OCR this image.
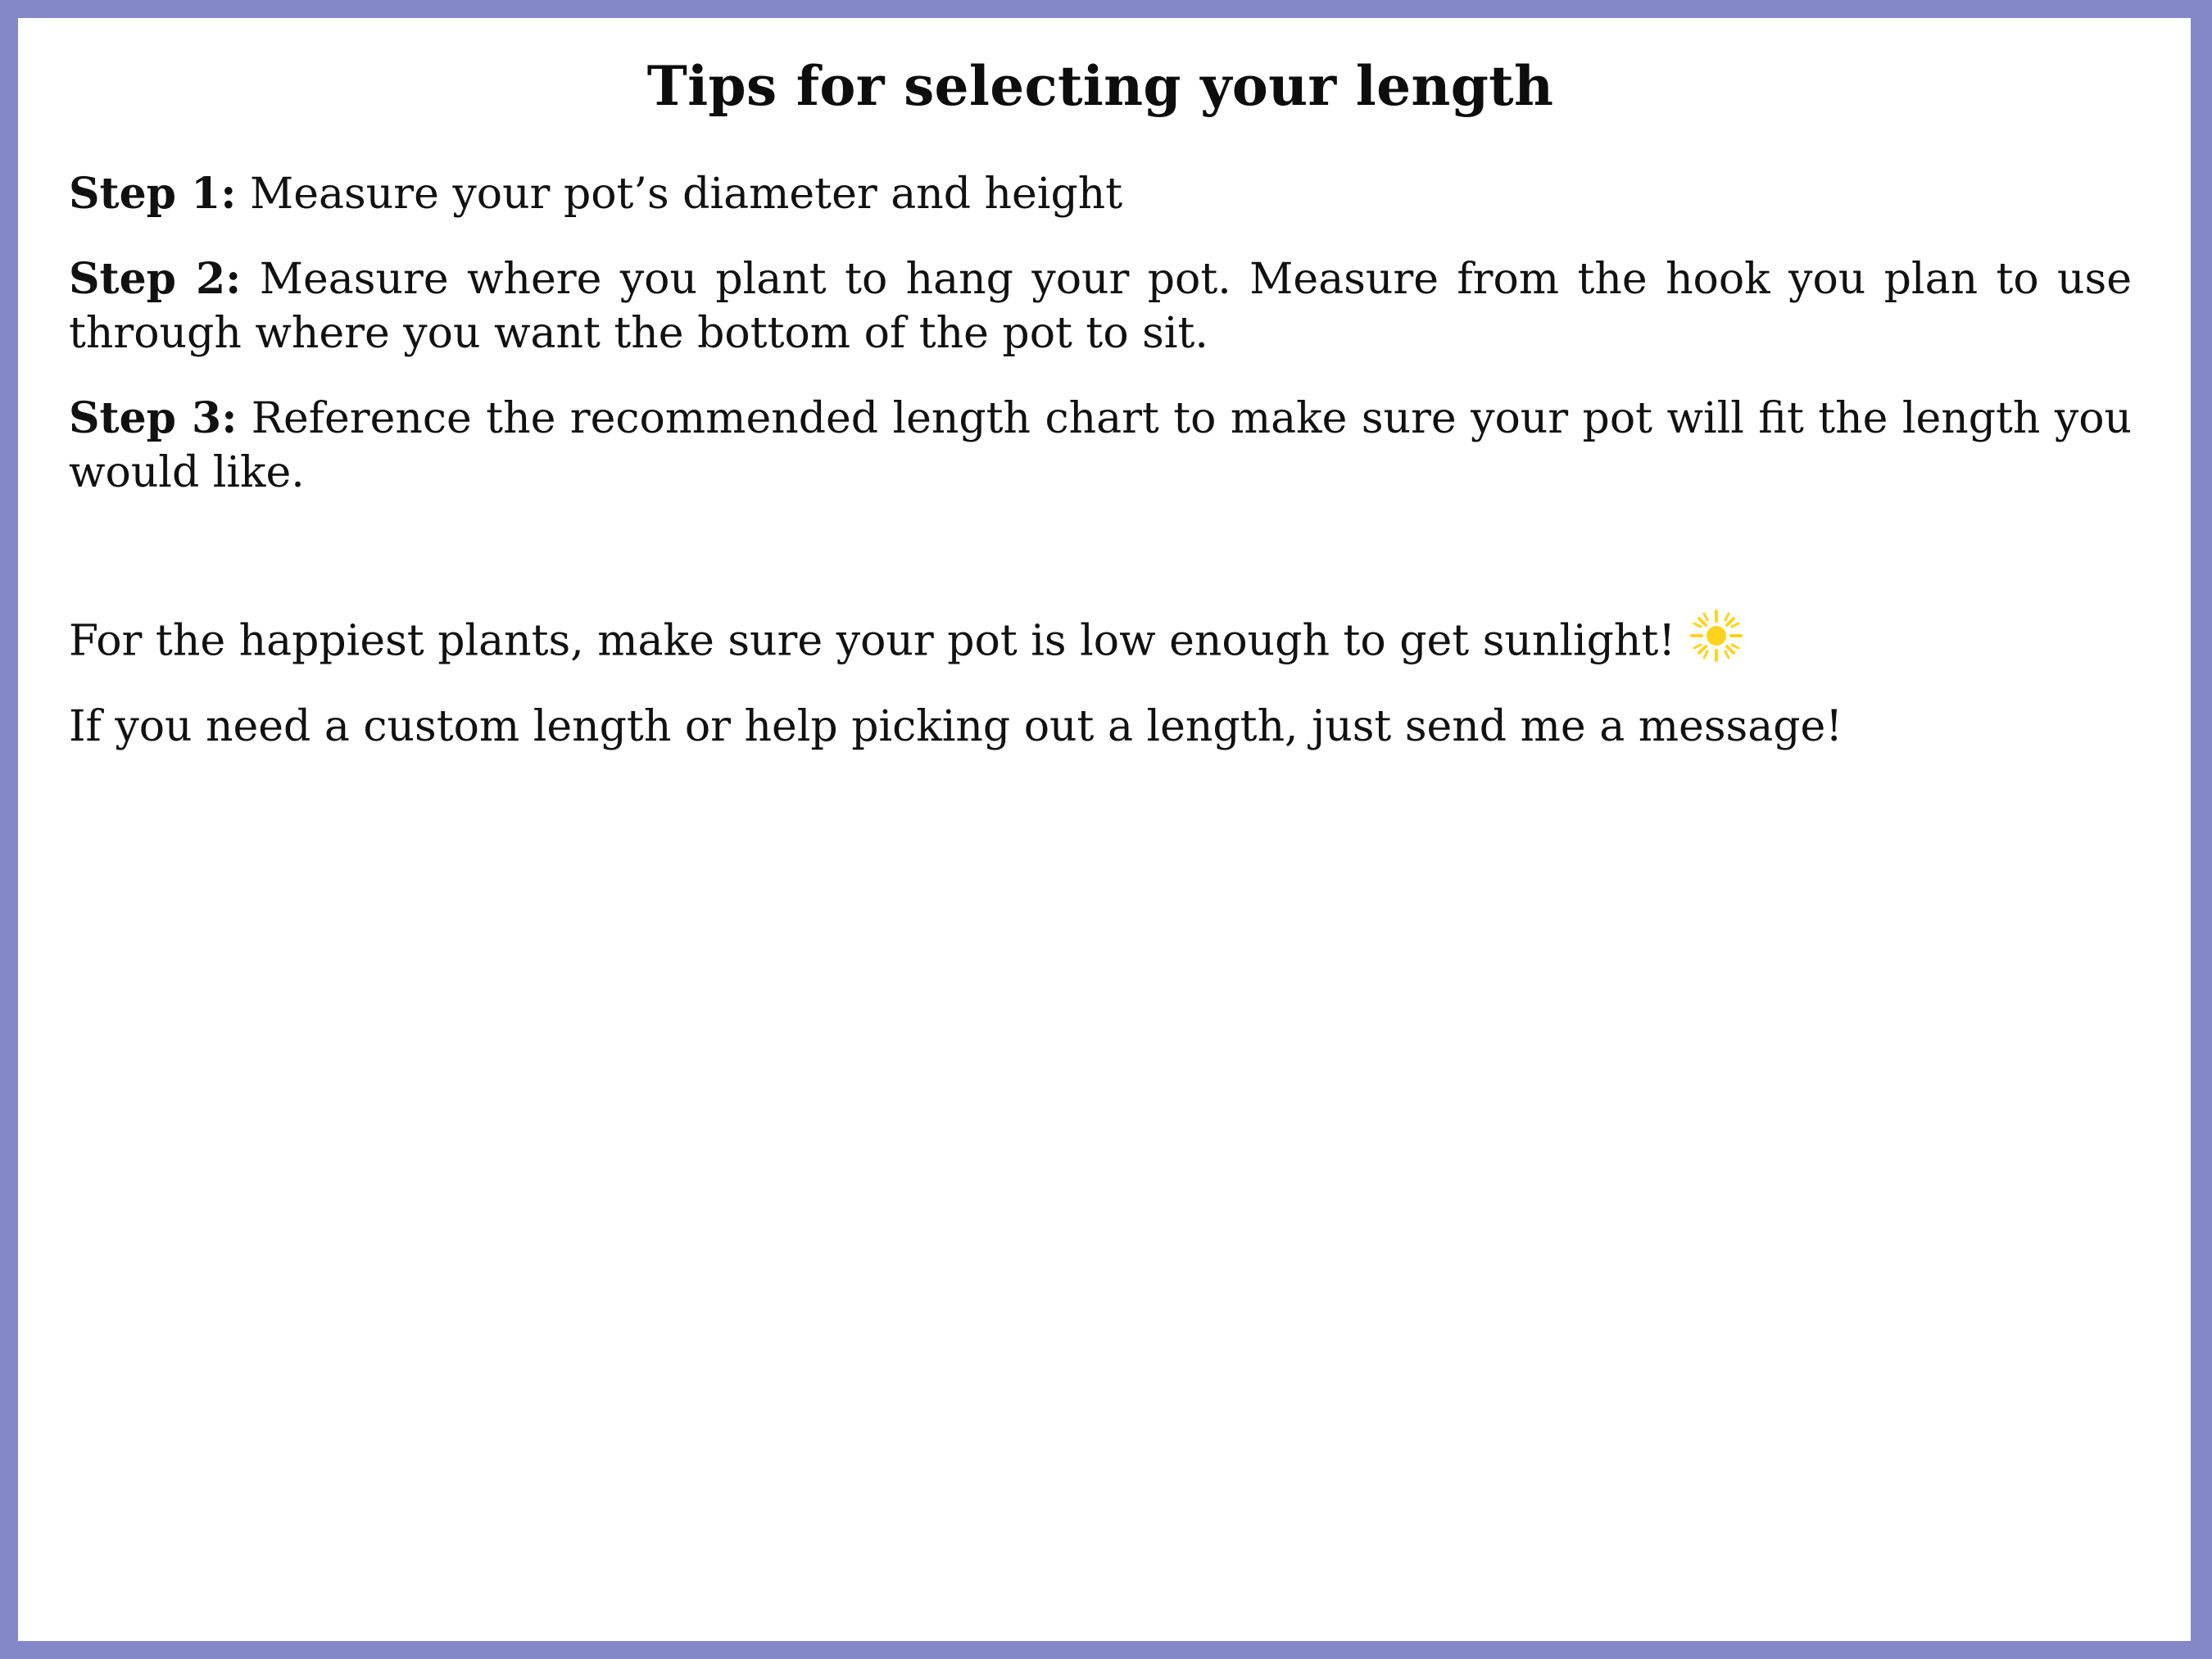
Tips for selecting your length

Step 1: Measure your pot’s diameter and height

Step 2: Measure where you plant to hang your pot. Measure from the hook you plan to use through where you want the bottom of the pot to sit.

Step 3: Reference the recommended length chart to make sure your pot will fit the length you would like.

For the happiest plants, make sure your pot is low enough to get sunlight!

If you need a custom length or help picking out a length, just send me a message!
